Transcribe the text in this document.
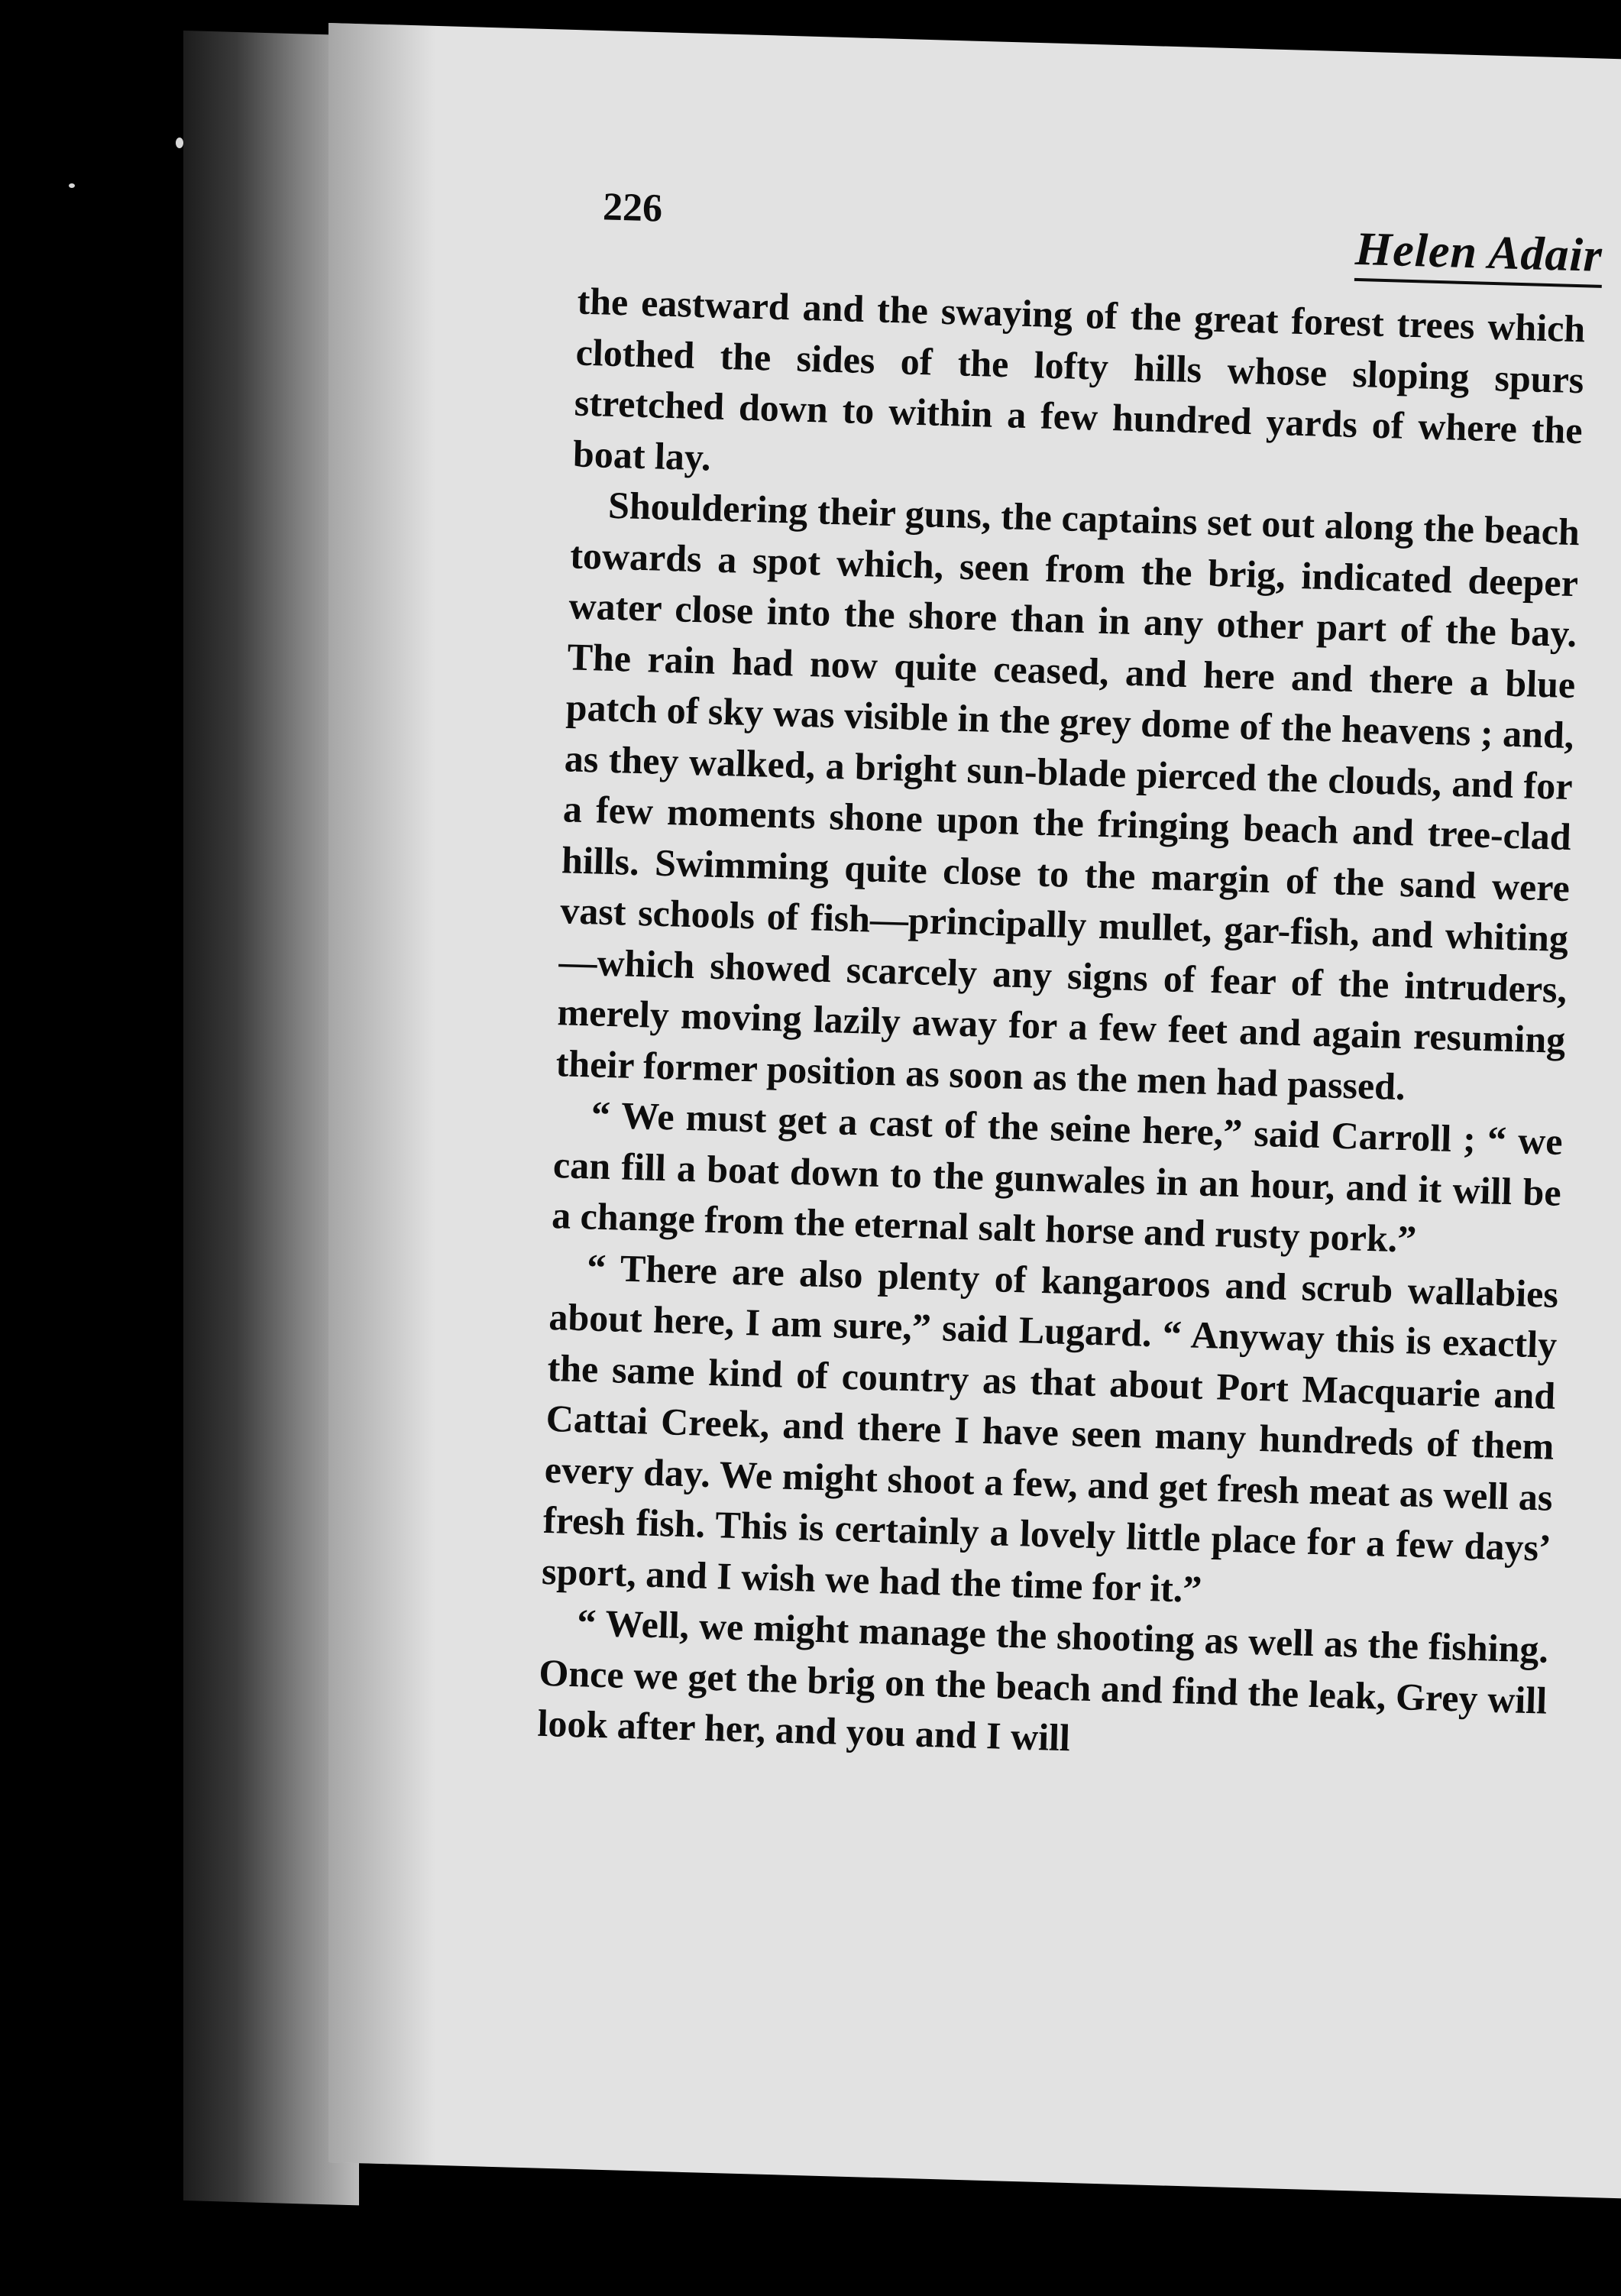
226
Helen Adair

the eastward and the swaying of the great forest trees which clothed the sides of the lofty hills whose sloping spurs stretched down to within a few hundred yards of where the boat lay.

Shouldering their guns, the captains set out along the beach towards a spot which, seen from the brig, indicated deeper water close into the shore than in any other part of the bay. The rain had now quite ceased, and here and there a blue patch of sky was visible in the grey dome of the heavens ; and, as they walked, a bright sun-blade pierced the clouds, and for a few moments shone upon the fringing beach and tree-clad hills. Swimming quite close to the margin of the sand were vast schools of fish—principally mullet, gar-fish, and whiting—which showed scarcely any signs of fear of the intruders, merely moving lazily away for a few feet and again resuming their former position as soon as the men had passed.

“ We must get a cast of the seine here,” said Carroll ; “ we can fill a boat down to the gunwales in an hour, and it will be a change from the eternal salt horse and rusty pork.”

“ There are also plenty of kangaroos and scrub wallabies about here, I am sure,” said Lugard. “ Anyway this is exactly the same kind of country as that about Port Macquarie and Cattai Creek, and there I have seen many hundreds of them every day. We might shoot a few, and get fresh meat as well as fresh fish. This is certainly a lovely little place for a few days’ sport, and I wish we had the time for it.”

“ Well, we might manage the shooting as well as the fishing. Once we get the brig on the beach and find the leak, Grey will look after her, and you and I will
